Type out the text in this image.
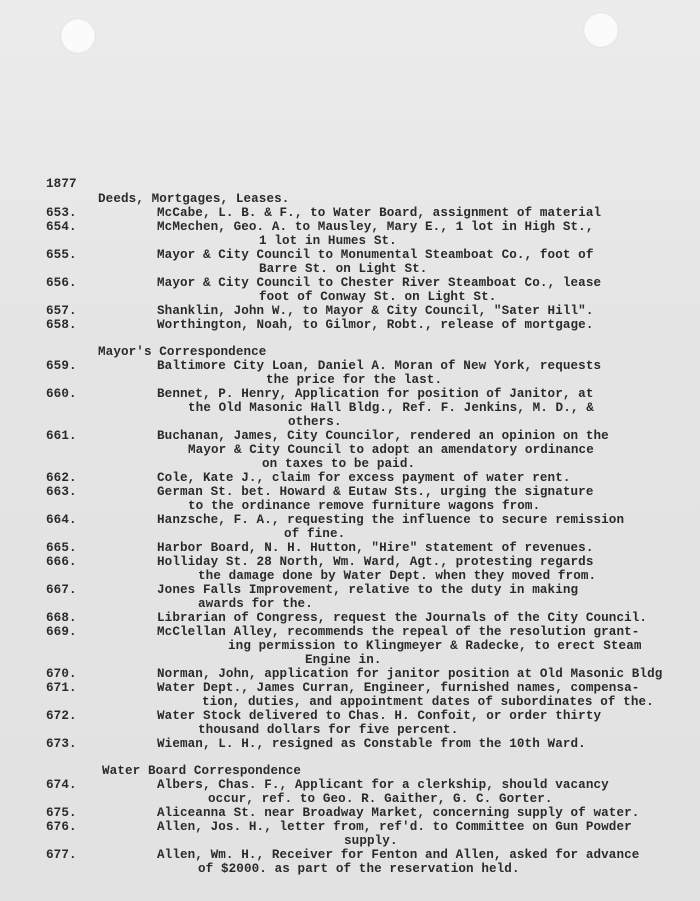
1877
Deeds, Mortgages, Leases.
653.	McCabe, L. B. & F., to Water Board, assignment of material
654.	McMechen, Geo. A. to Mausley, Mary E., 1 lot in High St.,
1 lot in Humes St.
655.	Mayor & City Council to Monumental Steamboat Co., foot of
Barre St. on Light St.
656.	Mayor & City Council to Chester River Steamboat Co., lease
foot of Conway St. on Light St.
657.	Shanklin, John W., to Mayor & City Council, "Sater Hill".
658.	Worthington, Noah, to Gilmor, Robt., release of mortgage.
Mayor's Correspondence
659.	Baltimore City Loan, Daniel A. Moran of New York, requests
the price for the last.
660.	Bennet, P. Henry, Application for position of Janitor, at
the Old Masonic Hall Bldg., Ref. F. Jenkins, M. D., &
others.
661.	Buchanan, James, City Councilor, rendered an opinion on the
Mayor & City Council to adopt an amendatory ordinance
on taxes to be paid.
662.	Cole, Kate J., claim for excess payment of water rent.
663.	German St. bet. Howard & Eutaw Sts., urging the signature
to the ordinance remove furniture wagons from.
664.	Hanzsche, F. A., requesting the influence to secure remission
of fine.
665.	Harbor Board, N. H. Hutton, "Hire" statement of revenues.
666.	Holliday St. 28 North, Wm. Ward, Agt., protesting regards
the damage done by Water Dept. when they moved from.
667.	Jones Falls Improvement, relative to the duty in making
awards for the.
668.	Librarian of Congress, request the Journals of the City Council.
669.	McClellan Alley, recommends the repeal of the resolution grant-
ing permission to Klingmeyer & Radecke, to erect Steam
Engine in.
670.	Norman, John, application for janitor position at Old Masonic Bldg
671.	Water Dept., James Curran, Engineer, furnished names, compensa-
tion, duties, and appointment dates of subordinates of the.
672.	Water Stock delivered to Chas. H. Confoit, or order thirty
thousand dollars for five percent.
673.	Wieman, L. H., resigned as Constable from the 10th Ward.
Water Board Correspondence
674.	Albers, Chas. F., Applicant for a clerkship, should vacancy
occur, ref. to Geo. R. Gaither, G. C. Gorter.
675.	Aliceanna St. near Broadway Market, concerning supply of water.
676.	Allen, Jos. H., letter from, ref'd. to Committee on Gun Powder
supply.
677.	Allen, Wm. H., Receiver for Fenton and Allen, asked for advance
of $2000. as part of the reservation held.
